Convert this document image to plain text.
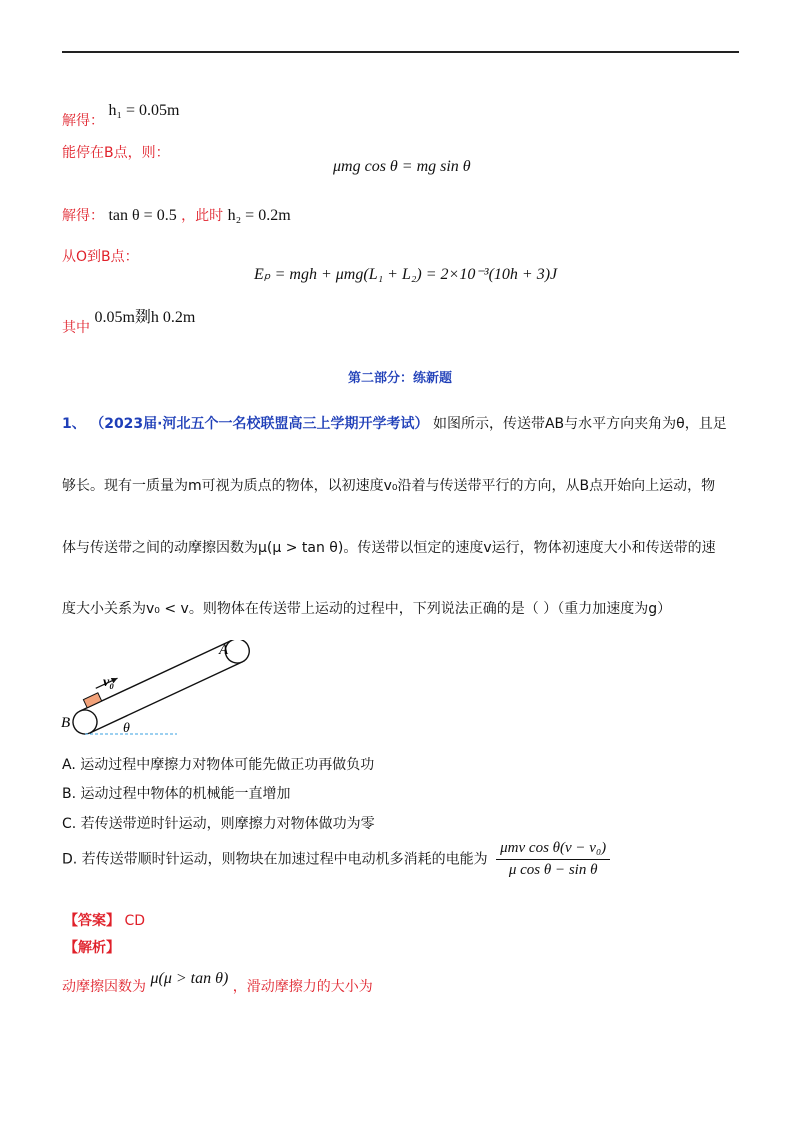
解得： h₁ = 0.05m
能停在B点，则：
μmg cos θ = mg sin θ
解得： tan θ = 0.5 ，此时 h₂ = 0.2m
从O到B点：
Eₚ = mgh + μmg(L₁ + L₂) = 2×10⁻³(10h + 3)J
其中 0.05m剟h 0.2m
第二部分：练新题
1、 （2023届·河北五个一名校联盟高三上学期开学考试） 如图所示，传送带AB与水平方向夹角为θ，且足
够长。现有一质量为m可视为质点的物体，以初速度v₀沿着与传送带平行的方向，从B点开始向上运动，物
体与传送带之间的动摩擦因数为μ(μ > tan θ)。传送带以恒定的速度v运行，物体初速度大小和传送带的速
度大小关系为v₀ < v。则物体在传送带上运动的过程中，下列说法正确的是（ ）（重力加速度为g）
B
A
v₀
θ
A. 运动过程中摩擦力对物体可能先做正功再做负功
B. 运动过程中物体的机械能一直增加
C. 若传送带逆时针运动，则摩擦力对物体做功为零
D. 若传送带顺时针运动，则物块在加速过程中电动机多消耗的电能为 $\frac{\text{μmv cos θ(v − v₀)}}{\text{μ cos θ − sin θ}}$
【答案】 CD
【解析】
动摩擦因数为 μ(μ > tan θ) ，滑动摩擦力的大小为
